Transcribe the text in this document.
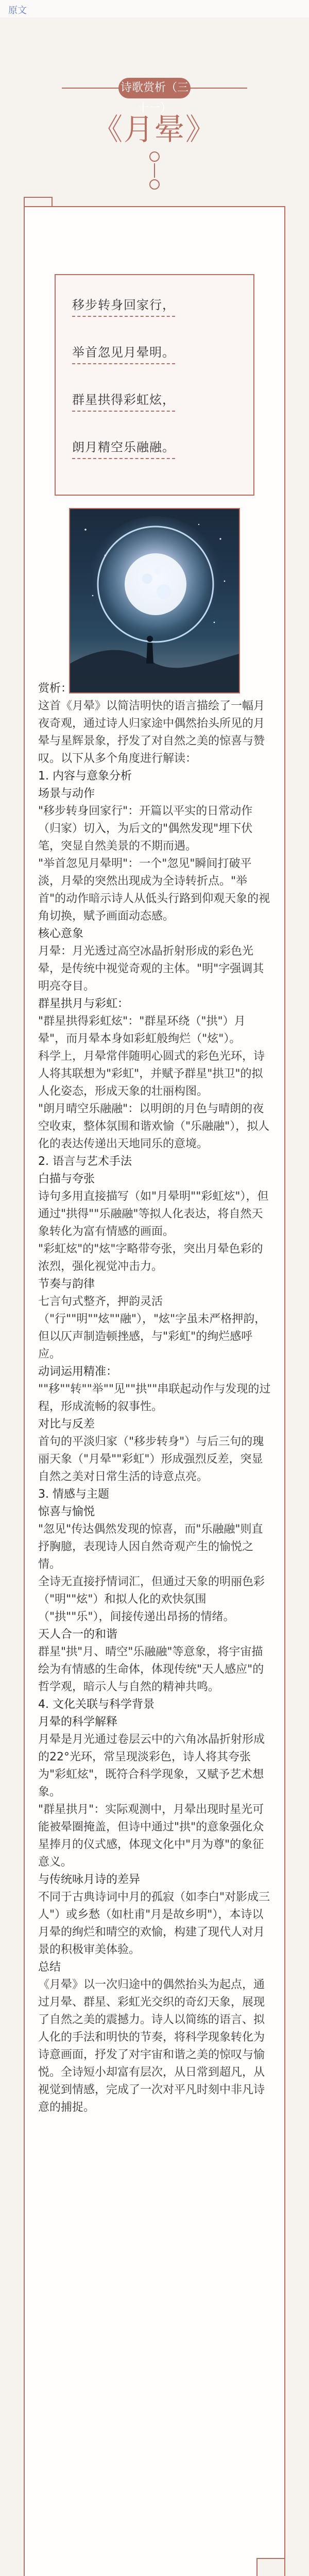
原文
诗歌赏析（三十一）
《月晕》
移步转身回家行，
举首忽见月晕明。
群星拱得彩虹炫，
朗月精空乐融融。

赏析：

这首《月晕》以简洁明快的语言描绘了一幅月夜奇观，通过诗人归家途中偶然抬头所见的月晕与星辉景象，抒发了对自然之美的惊喜与赞叹。以下从多个角度进行解读：

1. 内容与意象分析

场景与动作

"移步转身回家行"：开篇以平实的日常动作（归家）切入，为后文的"偶然发现"埋下伏笔，突显自然美景的不期而遇。

"举首忽见月晕明"：一个"忽见"瞬间打破平淡，月晕的突然出现成为全诗转折点。"举首"的动作暗示诗人从低头行路到仰观天象的视角切换，赋予画面动态感。

核心意象

月晕：月光透过高空冰晶折射形成的彩色光晕，是传统中视觉奇观的主体。"明"字强调其明亮夺目。

群星拱月与彩虹：

"群星拱得彩虹炫"："群星环绕（"拱"）月晕"，而月晕本身如彩虹般绚烂（"炫"）。

科学上，月晕常伴随明心圆式的彩色光环，诗人将其联想为"彩虹"，并赋予群星"拱卫"的拟人化姿态，形成天象的壮丽构图。

"朗月晴空乐融融"：以明朗的月色与晴朗的夜空收束，整体氛围和谐欢愉（"乐融融"），拟人化的表达传递出天地同乐的意境。

2. 语言与艺术手法

白描与夸张

诗句多用直接描写（如"月晕明""彩虹炫"），但通过"拱得""乐融融"等拟人化表达，将自然天象转化为富有情感的画面。

"彩虹炫"的"炫"字略带夸张，突出月晕色彩的浓烈，强化视觉冲击力。

节奏与韵律

七言句式整齐，押韵灵活（"行""明""炫""融"），"炫"字虽未严格押韵，但以仄声制造顿挫感，与"彩虹"的绚烂感呼应。

动词运用精准：

""移""转""举""见""拱""串联起动作与发现的过程，形成流畅的叙事性。

对比与反差

首句的平淡归家（"移步转身"）与后三句的瑰丽天象（"月晕""彩虹"）形成强烈反差，突显自然之美对日常生活的诗意点亮。

3. 情感与主题

惊喜与愉悦

"忽见"传达偶然发现的惊喜，而"乐融融"则直抒胸臆，表现诗人因自然奇观产生的愉悦之情。

全诗无直接抒情词汇，但通过天象的明丽色彩（"明""炫"）和拟人化的欢快氛围（"拱""乐"），间接传递出昂扬的情绪。

天人合一的和谐

群星"拱"月、晴空"乐融融"等意象，将宇宙描绘为有情感的生命体，体现传统"天人感应"的哲学观，暗示人与自然的精神共鸣。

4. 文化关联与科学背景

月晕的科学解释

月晕是月光通过卷层云中的六角冰晶折射形成的22°光环，常呈现淡彩色，诗人将其夸张为"彩虹炫"，既符合科学现象，又赋予艺术想象。

"群星拱月"：实际观测中，月晕出现时星光可能被晕圈掩盖，但诗中通过"拱"的意象强化众星捧月的仪式感，体现文化中"月为尊"的象征意义。

与传统咏月诗的差异

不同于古典诗词中月的孤寂（如李白"对影成三人"）或乡愁（如杜甫"月是故乡明"），本诗以月晕的绚烂和晴空的欢愉，构建了现代人对月景的积极审美体验。

总结

《月晕》以一次归途中的偶然抬头为起点，通过月晕、群星、彩虹光交织的奇幻天象，展现了自然之美的震撼力。诗人以简练的语言、拟人化的手法和明快的节奏，将科学现象转化为诗意画面，抒发了对宇宙和谐之美的惊叹与愉悦。全诗短小却富有层次，从日常到超凡，从视觉到情感，完成了一次对平凡时刻中非凡诗意的捕捉。
